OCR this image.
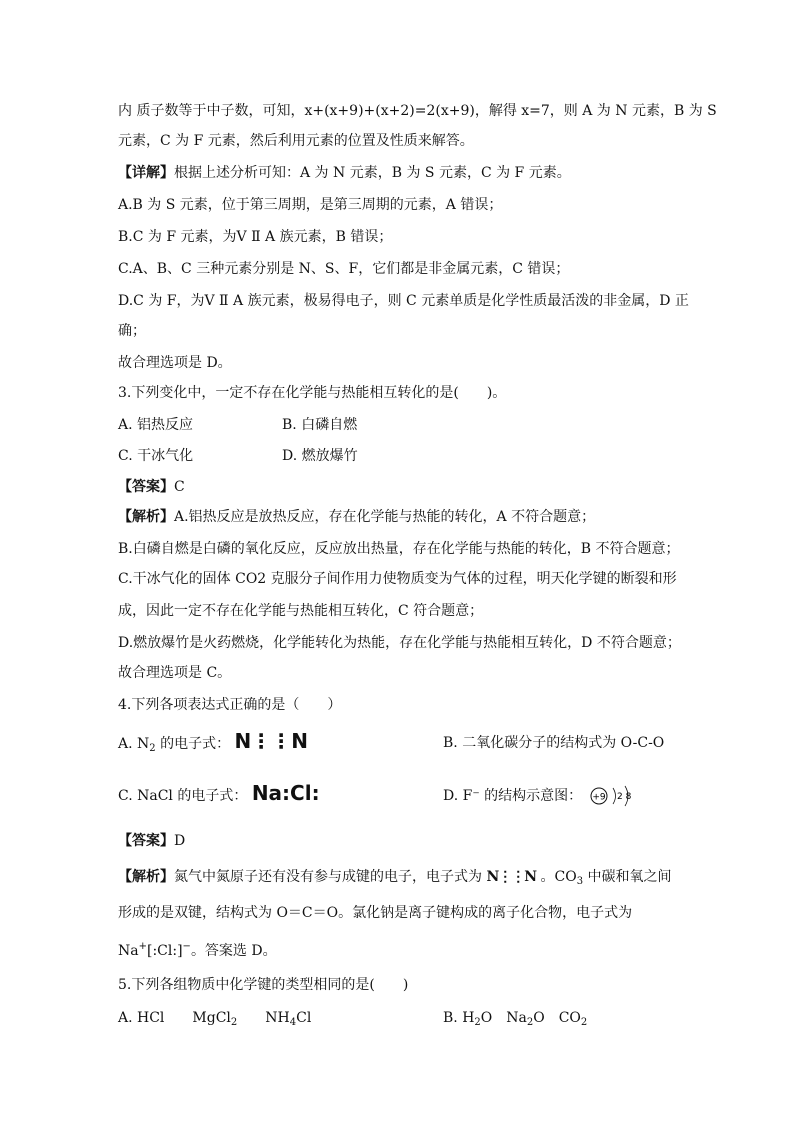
内 质子数等于中子数，可知，x+(x+9)+(x+2)=2(x+9)，解得 x=7，则 A 为 N 元素，B 为 S
元素，C 为 F 元素，然后利用元素的位置及性质来解答。
【详解】根据上述分析可知：A 为 N 元素，B 为 S 元素，C 为 F 元素。
A.B 为 S 元素，位于第三周期，是第三周期的元素，A 错误；
B.C 为 F 元素，为Ⅴ Ⅱ A 族元素，B 错误；
C.A、B、C 三种元素分别是 N、S、F，它们都是非金属元素，C 错误；
D.C 为 F，为Ⅴ Ⅱ A 族元素，极易得电子，则 C 元素单质是化学性质最活泼的非金属，D 正
确；
故合理选项是 D。
3.下列变化中，一定不存在化学能与热能相互转化的是(　　)。
A. 铝热反应	B. 白磷自燃
C. 干冰气化	D. 燃放爆竹
【答案】C
【解析】A.铝热反应是放热反应，存在化学能与热能的转化，A 不符合题意；
B.白磷自燃是白磷的氧化反应，反应放出热量，存在化学能与热能的转化，B 不符合题意；
C.干冰气化的固体 CO2 克服分子间作用力使物质变为气体的过程，明天化学键的断裂和形
成，因此一定不存在化学能与热能相互转化，C 符合题意；
D.燃放爆竹是火药燃烧，化学能转化为热能，存在化学能与热能相互转化，D 不符合题意；
故合理选项是 C。
4.下列各项表达式正确的是（　　）
A. $N_2$ 的电子式： N⋮⋮N	B. 二氧化碳分子的结构式为 O-C-O
C. NaCl 的电子式： Na:Cl:	D. F⁻ 的结构示意图： +9 2 8
【答案】D
【解析】氮气中氮原子还有没有参与成键的电子，电子式为 N⋮⋮N 。$CO_3$ 中碳和氧之间
形成的是双键，结构式为 O＝C＝O。氯化钠是离子键构成的离子化合物，电子式为
Na+[:Cl:]−。答案选 D。
5.下列各组物质中化学键的类型相同的是(　　)
A. HCl　　MgCl$_2$　　$NH_4Cl$	B. $H_2O$　$Na_2O$　$CO_2$
